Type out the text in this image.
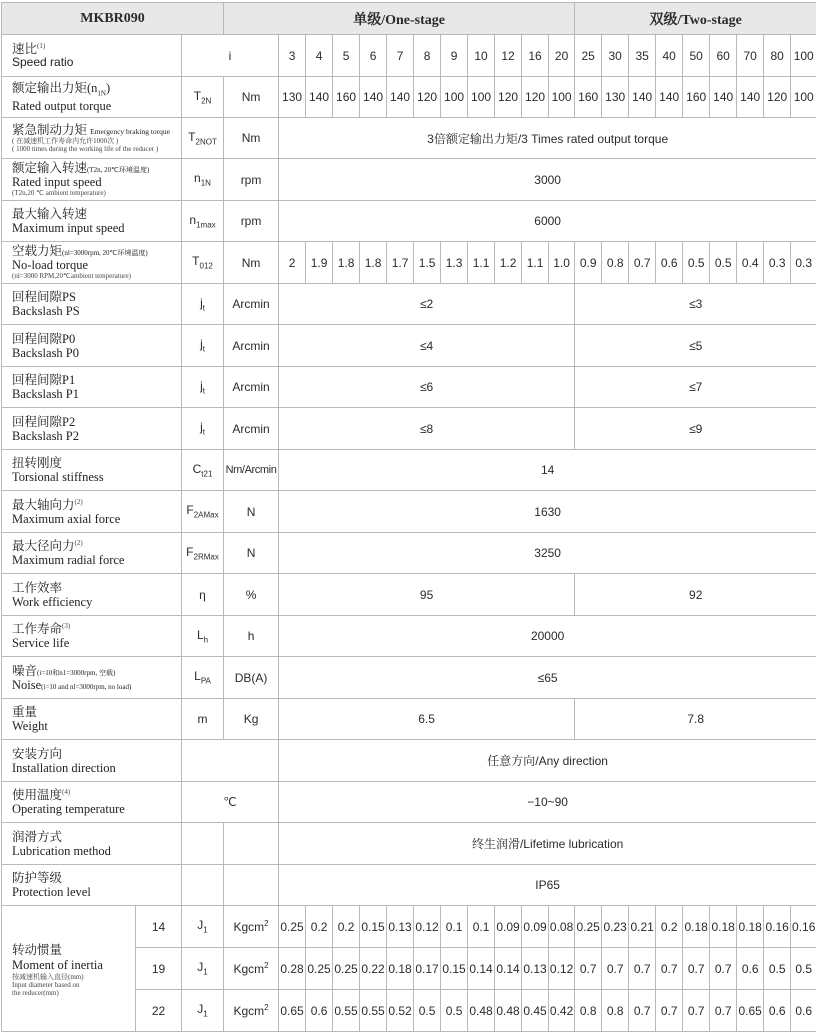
MKBR090			单级/One-stage												双级/Two-stage								

速比$^{(1)}$
Speed ratio		i		3	4	5	6	7	8	9	10	12	16	20	25	30	35	40	50	60	70	80	100

额定输出力矩$(n_{1N})$
Rated output torque		$T_{2N}$	Nm	130	140	160	140	140	120	100	100	120	120	100	160	130	140	140	160	140	140	120	100

紧急制动力矩 Emergency braking torque
( 在减速机工作寿命内允许1000次 )
( 1000 times during the working life of the reducer )		$T_{2NOT}$	Nm	3倍额定输出力矩/3 Times rated output torque																			

额定输入转速(T2n, 20℃环境温度)
Rated input speed
(T2n,20 ℃ ambient temperature)		$n_{1N}$	rpm	3000																			

最大输入转速
Maximum input speed		$n_{1max}$	rpm	6000																			

空载力矩(nl=3000rpm, 20℃环境温度)
No-load torque
(nl=3000 RPM,20℃ambient temperature)		$T_{012}$	Nm	2	1.9	1.8	1.8	1.7	1.5	1.3	1.1	1.2	1.1	1.0	0.9	0.8	0.7	0.6	0.5	0.5	0.4	0.3	0.3

回程间隙PS
Backslash PS		$j_t$	Arcmin	≤2											≤3								

回程间隙P0
Backslash P0		$j_t$	Arcmin	≤4											≤5								

回程间隙P1
Backslash P1		$j_t$	Arcmin	≤6											≤7								

回程间隙P2
Backslash P2		$j_t$	Arcmin	≤8											≤9								

扭转刚度
Torsional stiffness		$C_{t21}$	Nm/Arcmin	14																			

最大轴向力$^{(2)}$
Maximum axial force		$F_{2AMax}$	N	1630																			

最大径向力$^{(2)}$
Maximum radial force		$F_{2RMax}$	N	3250																			

工作效率
Work efficiency		η	%	95											92								

工作寿命$^{(3)}$
Service life		$L_h$	h	20000																			

噪音(i=10和n1=3000rpm, 空载)
Noise(i=10 and nl=3000rpm, no load)		$L_{PA}$	DB(A)	≤65																			

重量
Weight		m	Kg	6.5											7.8								

安装方向
Installation direction				任意方向/Any direction																			

使用温度$^{(4)}$
Operating temperature		℃		−10~90																			

润滑方式
Lubrication method				终生润滑/Lifetime lubrication																			

防护等级
Protection level				IP65																			

转动惯量
Moment of inertia
按减速机输入直径(mm)
Input diameter based on
the reducer(mm)	14	$J_1$	Kgcm$^2$	0.25	0.2	0.2	0.15	0.13	0.12	0.1	0.1	0.09	0.09	0.08	0.25	0.23	0.21	0.2	0.18	0.18	0.18	0.16	0.16
	19	$J_1$	Kgcm$^2$	0.28	0.25	0.25	0.22	0.18	0.17	0.15	0.14	0.14	0.13	0.12	0.7	0.7	0.7	0.7	0.7	0.7	0.6	0.5	0.5
	22	$J_1$	Kgcm$^2$	0.65	0.6	0.55	0.55	0.52	0.5	0.5	0.48	0.48	0.45	0.42	0.8	0.8	0.7	0.7	0.7	0.7	0.65	0.6	0.6
